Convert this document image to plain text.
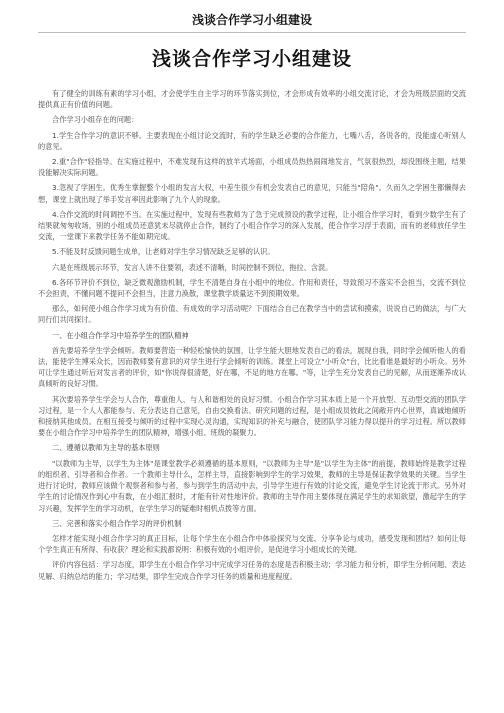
浅谈合作学习小组建设
浅谈合作学习小组建设

有了健全的训练有素的学习小组，才会使学生自主学习的环节落实到位，才会形成有效率的小组交流讨论，才会为班级层面的交流提供真正有价值的问题。

合作学习小组存在的问题：

1.学生合作学习的意识不够。主要表现在小组讨论交流时，有的学生缺乏必要的合作能力，七嘴八舌，各说各的，没能虚心听别人的意见。

2.重"合作"轻指导。在实施过程中，不难发现有这样的放羊式场面，小组成员热热闹闹地发言，气氛很热烈，却没围绕主题，结果没能解决实际问题。

3.忽视了学困生。优秀生掌握整个小组的发言大权，中差生很少有机会发表自己的意见，只能当"陪角"。久而久之学困生都懒得去想，课堂上就出现了举手发言率因此影响了九个人的现象。

4.合作交流的时间调控不当。在实施过程中，发现有些教师为了急于完成预设的教学过程，让小组合作学习时，看到少数学生有了结果就匆匆收场，别的小组成员还意犹未尽就停止合作，制约了小组合作学习的深入发展，使合作学习浮于表面，而有的老师放任学生交流，一堂课下来教学任务不能如期完成。

5.不能及时反馈问题生成单，让老师对学生学习情况缺乏足够的认识。

六是在班级展示环节，发言人讲不住要领，表述不清晰，时间控制不到位，拖拉、含混。

6.各环节评价不到位，缺乏微观激励机制，学生不清楚自身在小组中的地位、作用和责任，导致预习不落实不会担当，交流不到位不会担责，不懂问题不提问不会担当，注意力涣散，课堂教学质量达不到预期效果。

那么，如何使小组合作学习成为有价值、有成效的学习活动呢？下面结合自己在教学当中的尝试和摸索，说说自己的做法，与广大同行们共同探讨。

一、在小组合作学习中培养学生的团队精神

首先要培养学生学会倾听。教师要营造一种轻松愉快的氛围，让学生能大胆地发表自己的看法，展现自我，同时学会倾听他人的看法，能使学生博采众长，因而教师要有意识的对学生进行学会倾听的训练。课堂上可设立"小听众"台，比比看谁是最好的小听众。另外可让学生通过听后对发言者的评价，如"你说得很清楚，好在哪，不足的地方在哪。"等，让学生充分发表自己的见解，从而逐渐养成认真倾听的良好习惯。

其次要培养学生学会与人合作，尊重他人、与人和谐相处的良好习惯。小组合作学习其本质上是一个开放型、互动型交流的团队学习过程，是一个人人都能参与、充分表达自己意见，自由交换看法、研究问题的过程，是小组成员彼此之间敞开内心世界，真诚地倾听和接纳其他成员。在相互接受与倾听的过程中实现心灵沟通，实现知识的补充与融合，使团队学习能力得以提升的学习过程。所以教师要在小组合作学习中培养学生的团队精神，增强小组、班级的凝聚力。

二、遵循以教师为主导的基本原则

"以教师为主导，以学生为主体"是课堂教学必须遵循的基本原则，"以教师为主导"是"以学生为主体"的前提，教师始终是教学过程的组织者、引导者和合作者。一个教师主导什么，怎样主导，直接影响到学生的学习效果，教师的主导是保证教学效果的关键。当学生进行讨论时，教师应该做个观察者和参与者，参与到学生的活动中去，引导学生进行有效的讨论交流，避免学生讨论流于形式。另外对学生的讨论情况作到心中有数，在小组汇报时，才能有针对性地评价。教师的主导作用主要体现在满足学生的求知欲望，激起学生的学习兴趣，发挥学生的学习动机，在学生学习的疑难时相机点拨等方面。

三、完善和落实小组合作学习的评价机制

怎样才能实现小组合作学习的真正目标，让每个学生在小组合作中体验探究与交流、分享争论与成功，感受发现和团结？如何让每个学生真正有所得、有收获？理论和实践都说明：积极有效的小组评价，是促进学习小组成长的关键。

评价内容包括：学习态度，即学生在小组合作学习中完成学习任务的态度是否积极主动；学习能力和分析，即学生分析问题、表达见解、归纳总结的能力；学习结果，即学生完成合作学习任务的质量和进度程度。
